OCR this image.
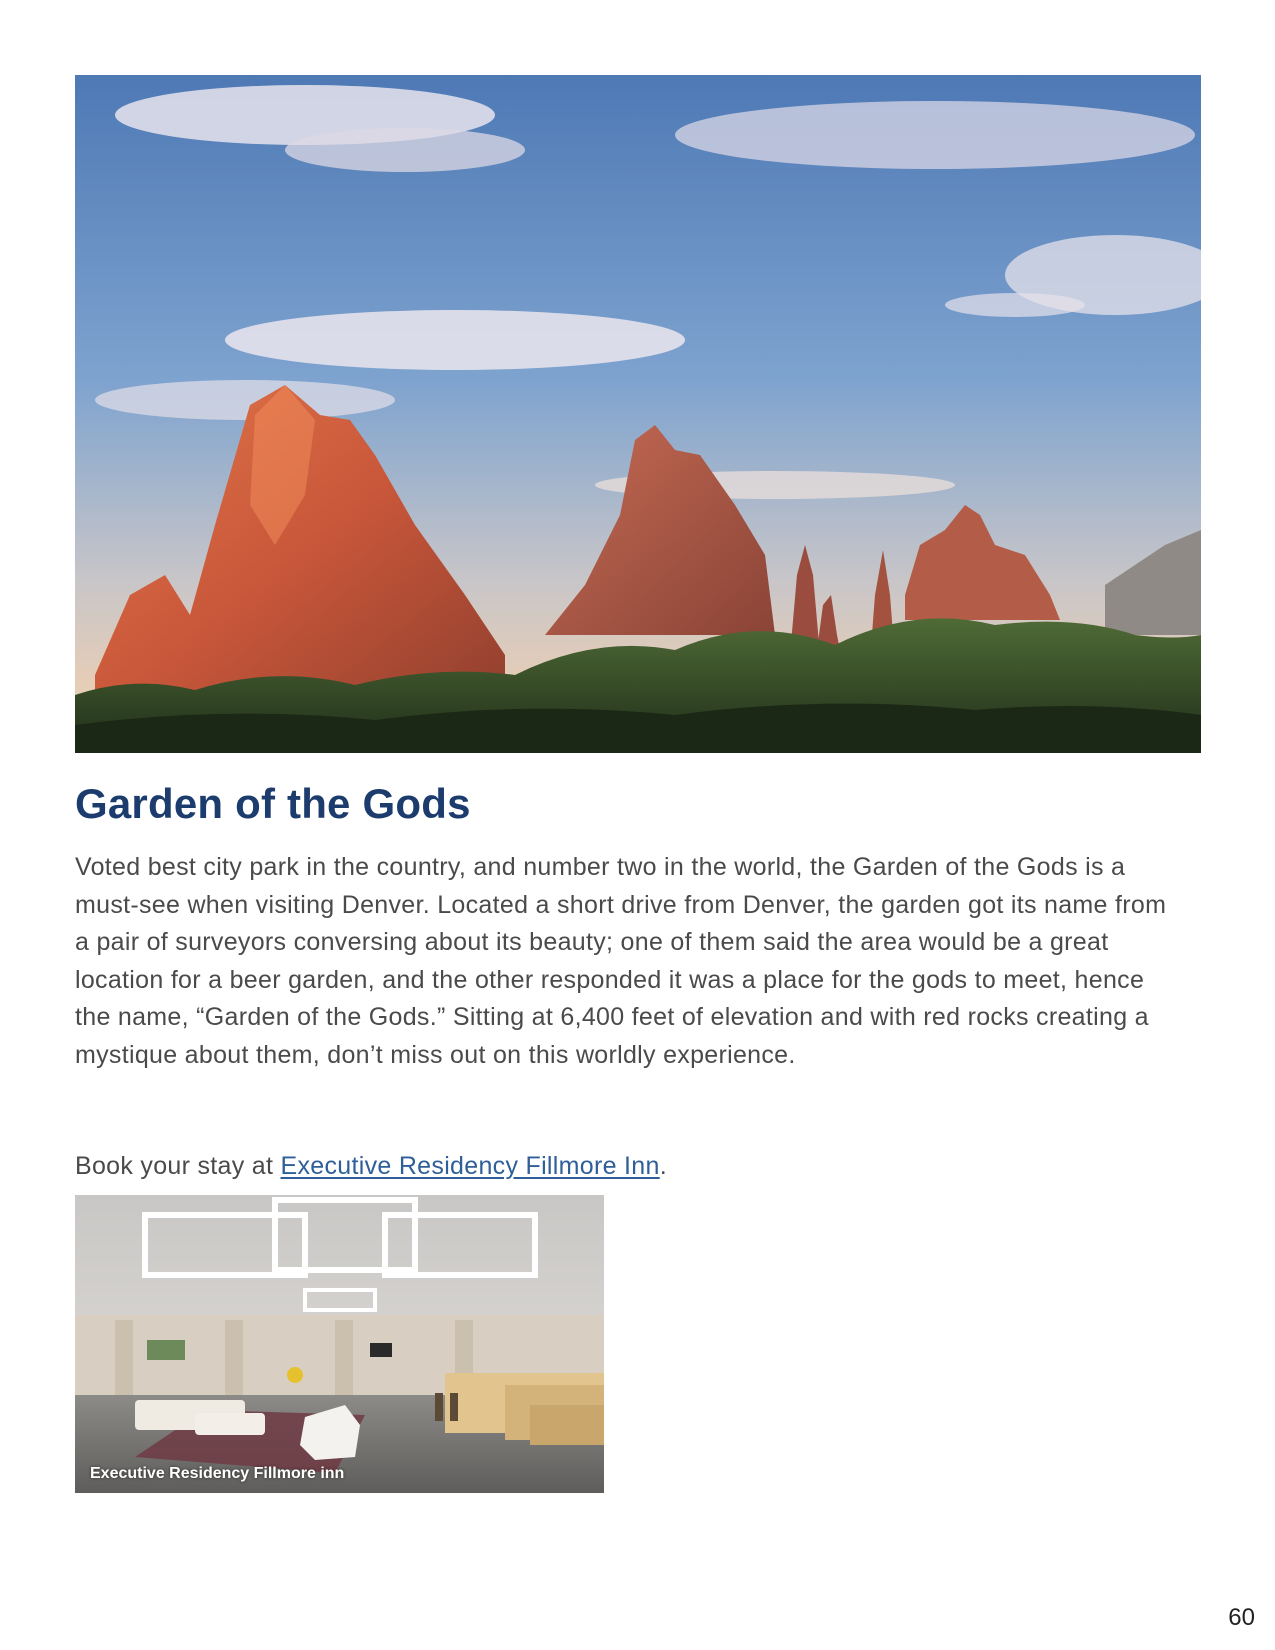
Garden of the Gods

Voted best city park in the country, and number two in the world, the Garden of the Gods is a must-see when visiting Denver. Located a short drive from Denver, the garden got its name from a pair of surveyors conversing about its beauty; one of them said the area would be a great location for a beer garden, and the other responded it was a place for the gods to meet, hence the name, “Garden of the Gods.” Sitting at 6,400 feet of elevation and with red rocks creating a mystique about them, don’t miss out on this worldly experience.

Book your stay at Executive Residency Fillmore Inn.

Executive Residency Fillmore inn
60
